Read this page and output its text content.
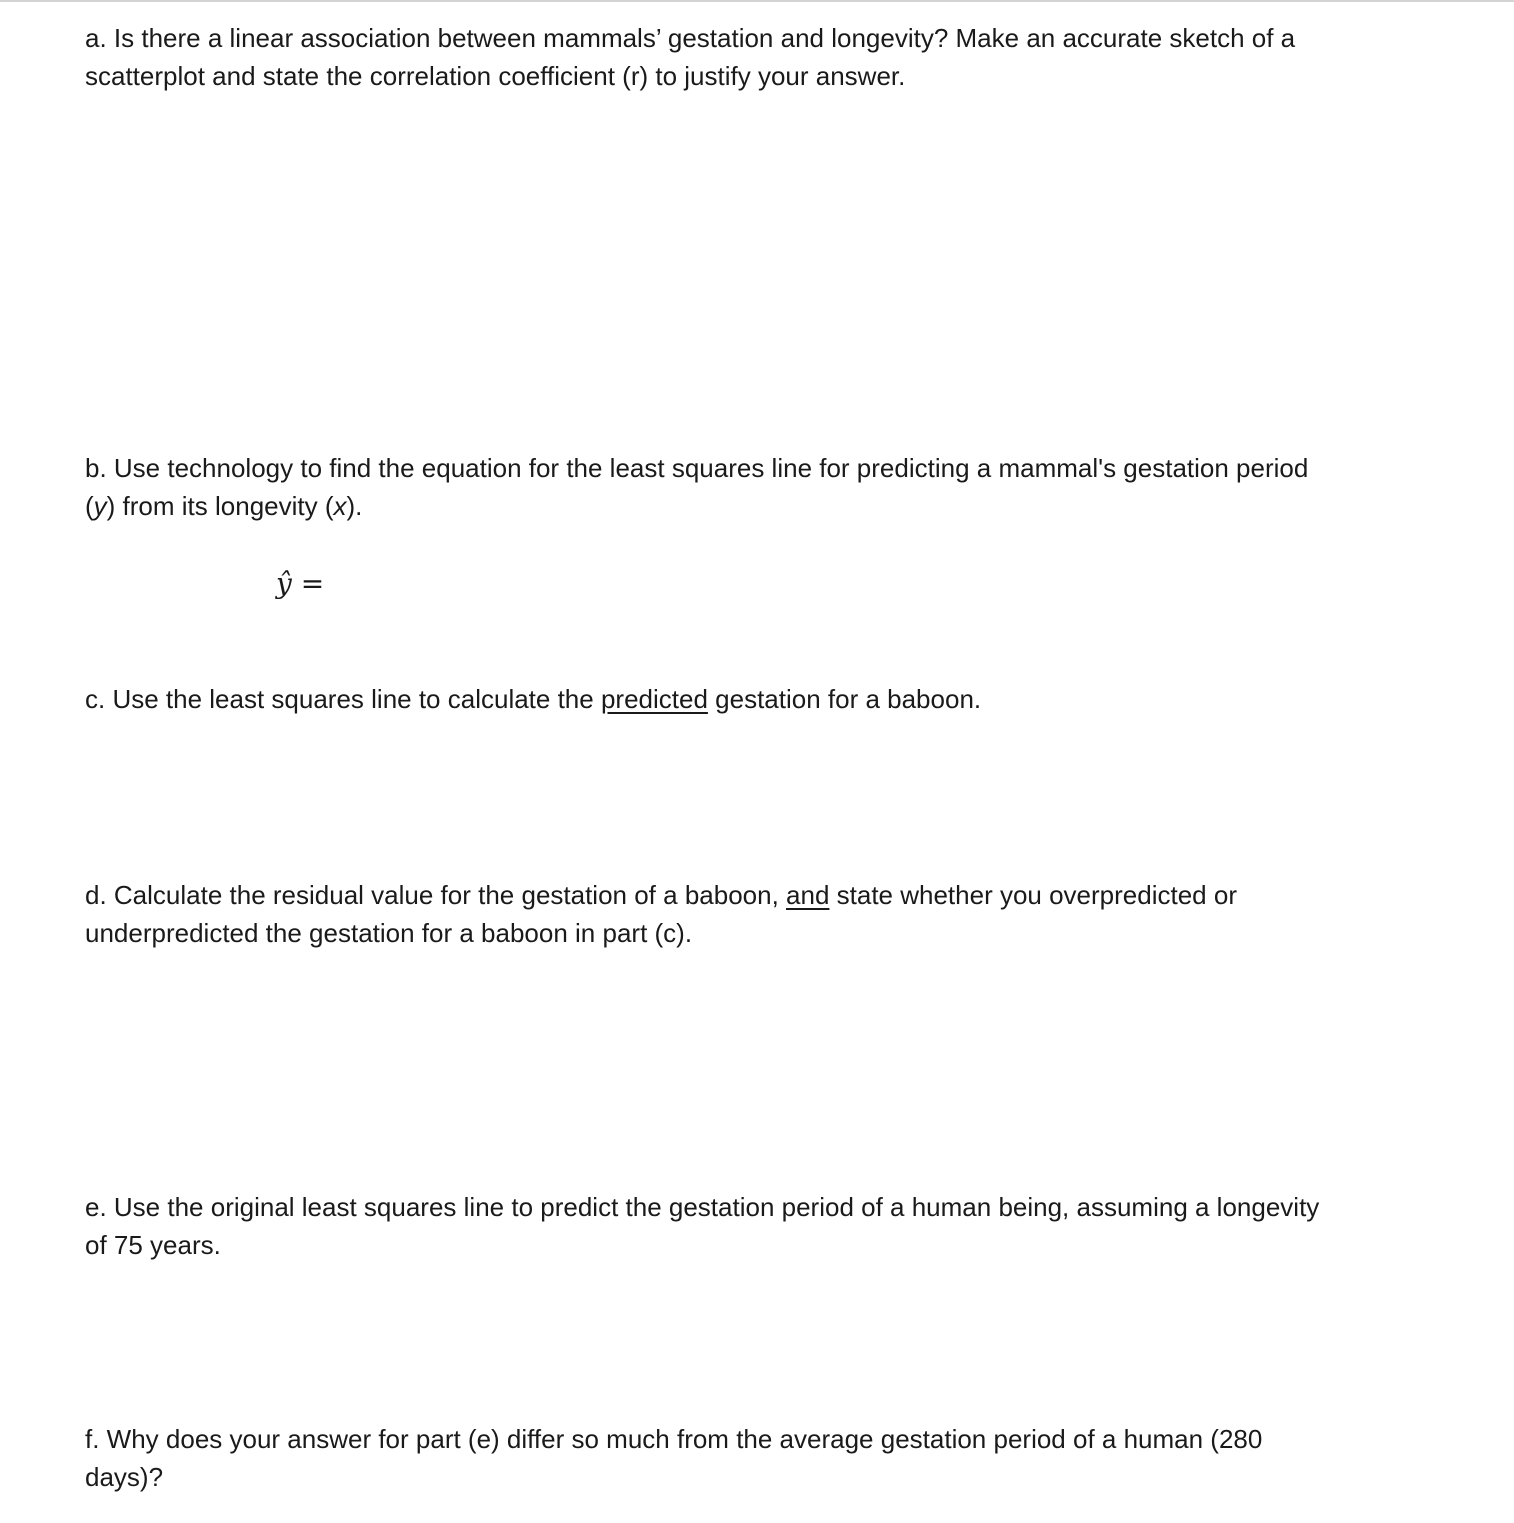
a. Is there a linear association between mammals’ gestation and longevity? Make an accurate sketch of a scatterplot and state the correlation coefficient (r) to justify your answer.

b. Use technology to find the equation for the least squares line for predicting a mammal's gestation period (y) from its longevity (x).

ŷ =

c. Use the least squares line to calculate the predicted gestation for a baboon.

d. Calculate the residual value for the gestation of a baboon, and state whether you overpredicted or underpredicted the gestation for a baboon in part (c).

e. Use the original least squares line to predict the gestation period of a human being, assuming a longevity of 75 years.

f. Why does your answer for part (e) differ so much from the average gestation period of a human (280 days)?
